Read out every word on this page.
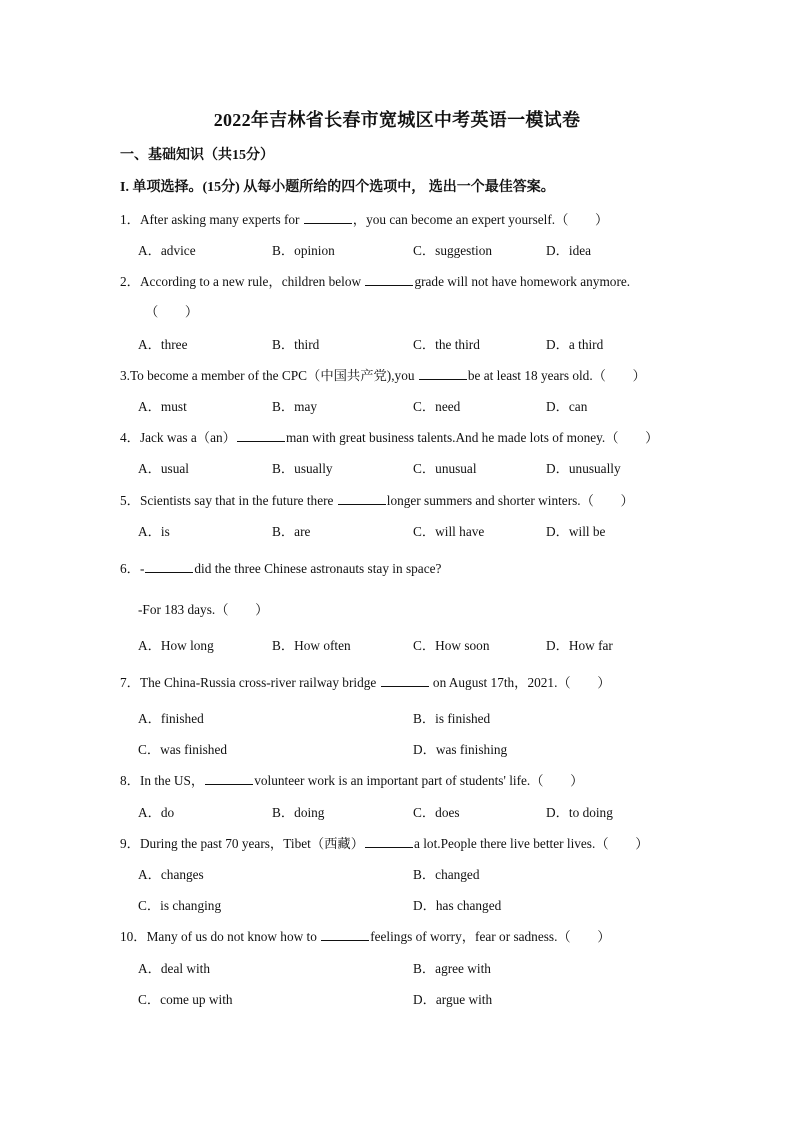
2022年吉林省长春市宽城区中考英语一模试卷
一、基础知识（共15分）
I. 单项选择。(15分) 从每小题所给的四个选项中， 选出一个最佳答案。
1．After asking many experts for	，you can become an expert yourself.（　　）
A．advice	B．opinion	C．suggestion	D．idea
2．According to a new rule，children below	grade will not have homework anymore.
（　　）
A．three	B．third	C．the third	D．a third
3.To become a member of the CPC（中国共产党),you	be at least 18 years old.（　　）
A．must	B．may	C．need	D．can
4．Jack was a（an）	man with great business talents.And he made lots of money.（　　）
A．usual	B．usually	C．unusual	D．unusually
5．Scientists say that in the future there	longer summers and shorter winters.（　　）
A．is	B．are	C．will have	D．will be
6．-	did the three Chinese astronauts stay in space?
-For 183 days.（　　）
A．How long	B．How often	C．How soon	D．How far
7．The China-Russia cross-river railway bridge	on August 17th，2021.（　　）
A．finished	B．is finished
C．was finished	D．was finishing
8．In the US，	volunteer work is an important part of students' life.（　　）
A．do	B．doing	C．does	D．to doing
9．During the past 70 years，Tibet（西藏）	a lot.People there live better lives.（　　）
A．changes	B．changed
C．is changing	D．has changed
10．Many of us do not know how to	feelings of worry，fear or sadness.（　　）
A．deal with	B．agree with
C．come up with	D．argue with
